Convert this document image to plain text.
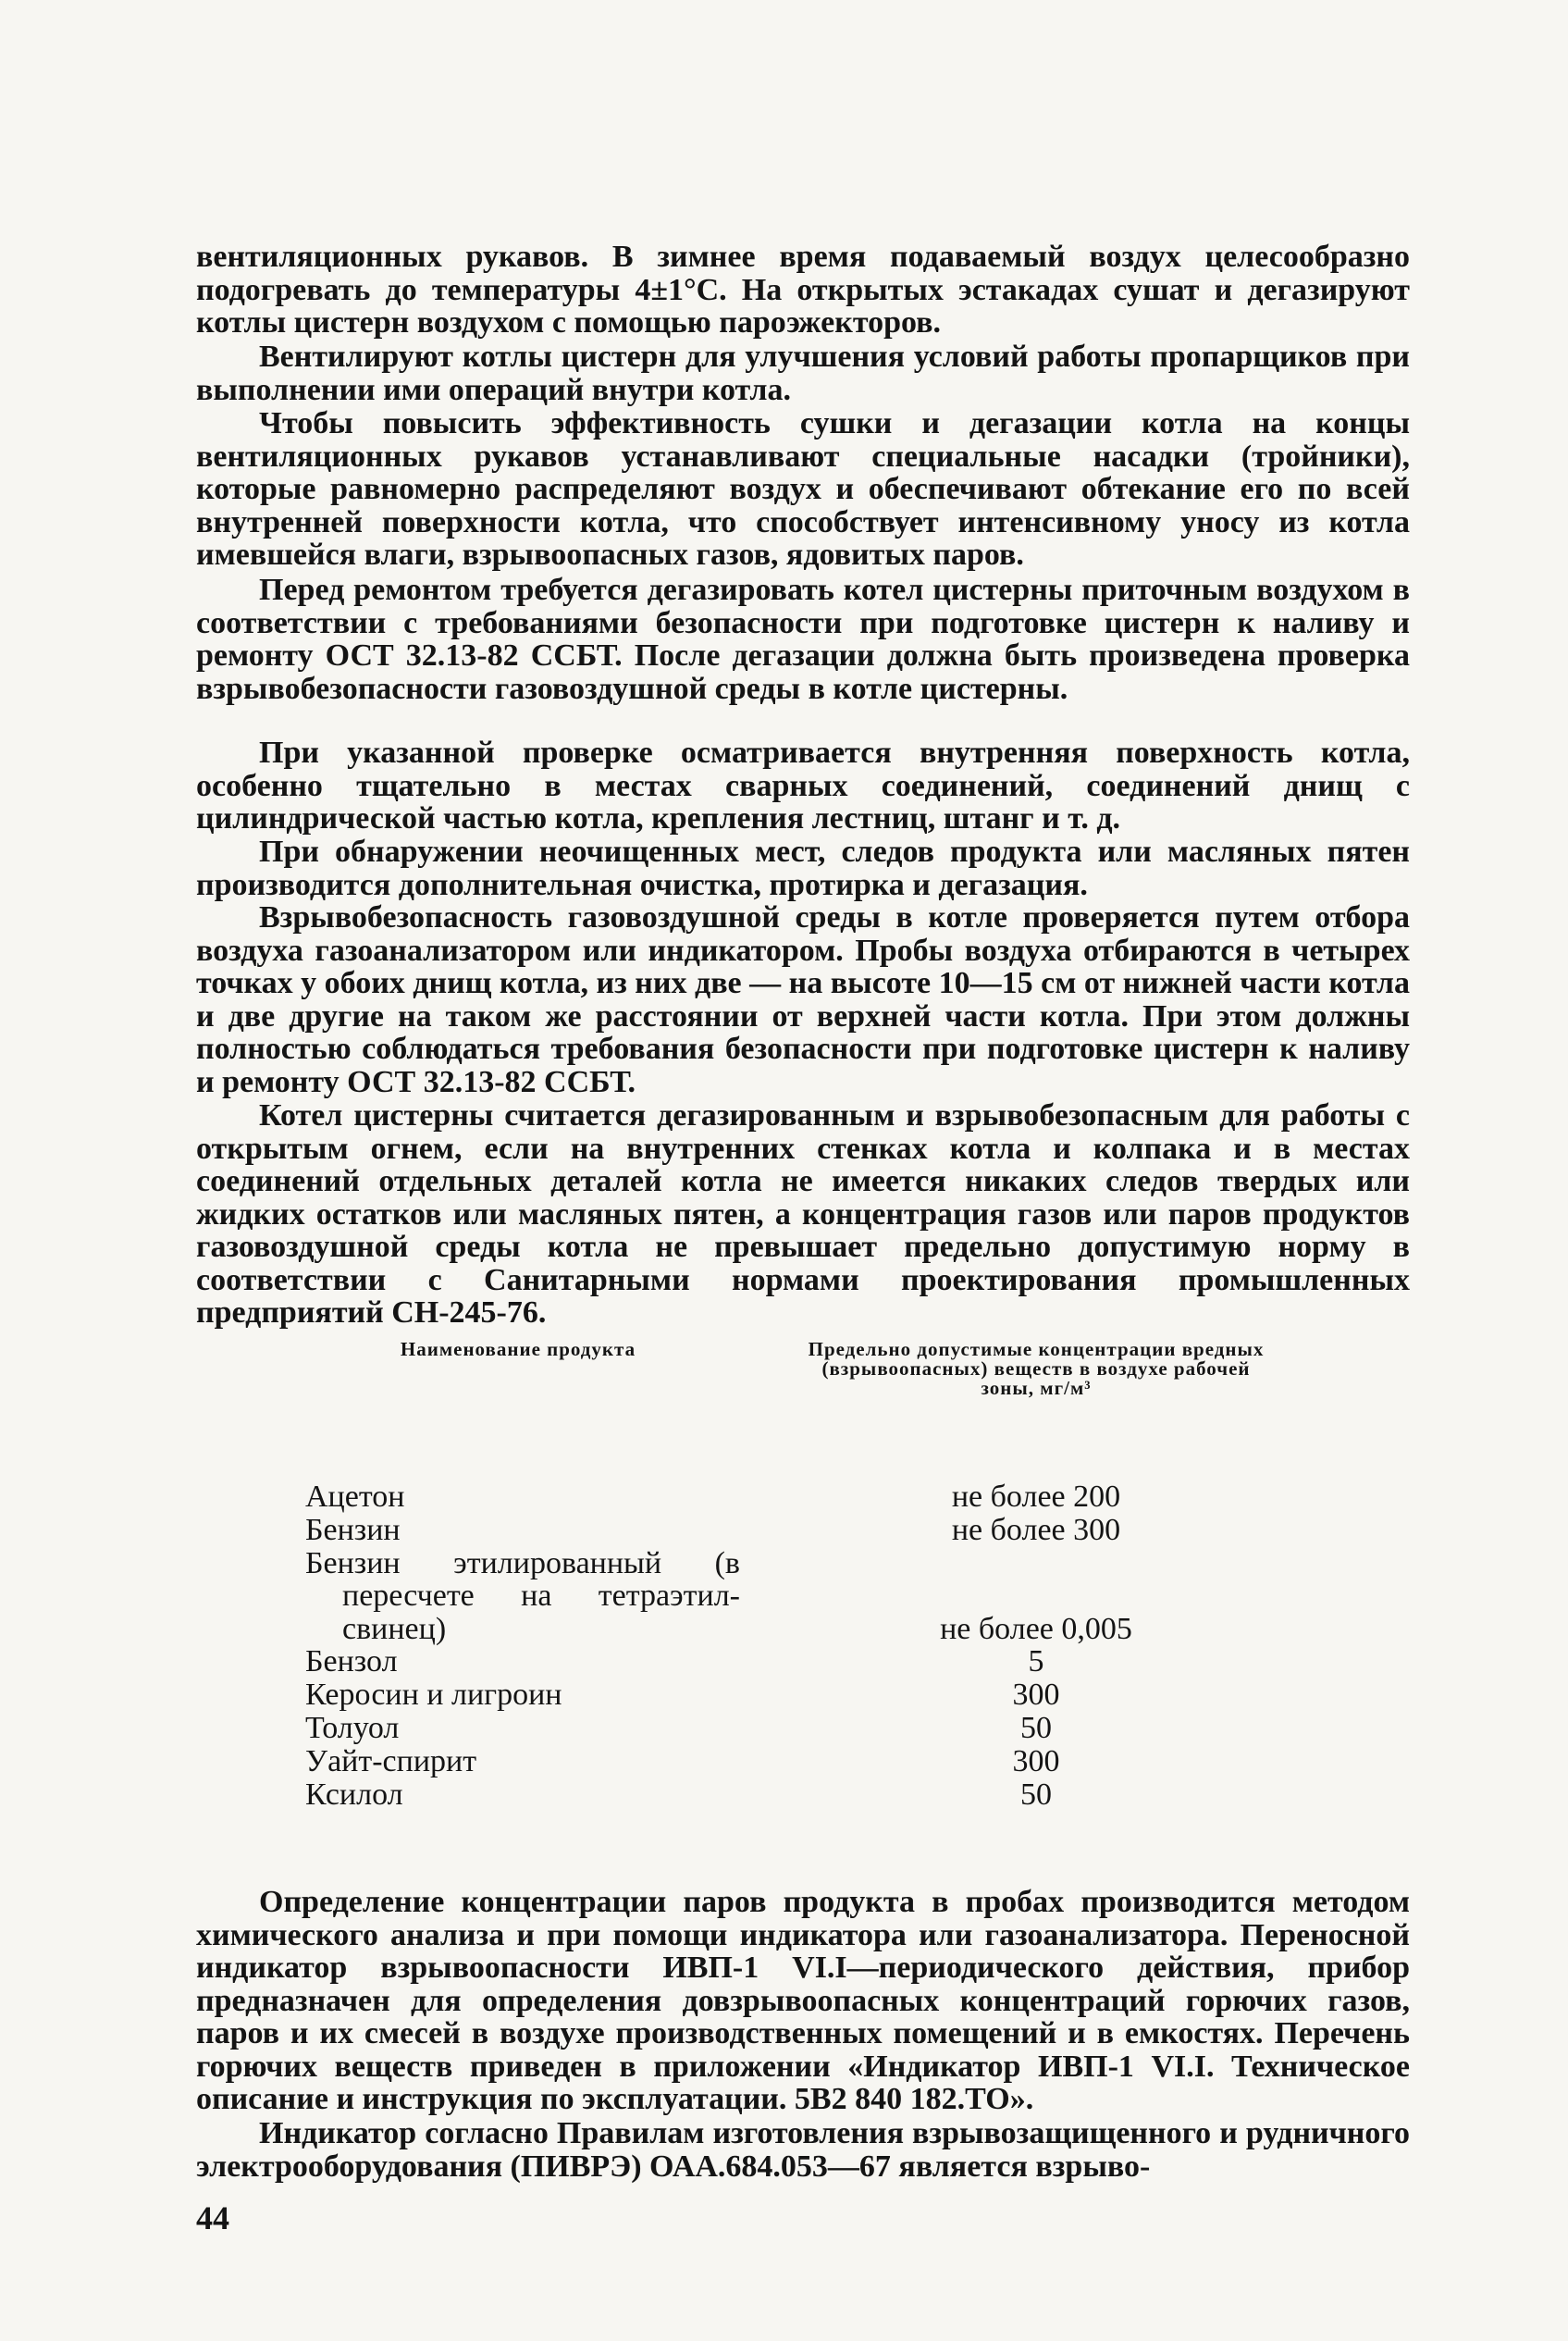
вентиляционных рукавов. В зимнее время подаваемый воздух целесообразно подогревать до температуры 4±1°С. На открытых эстакадах сушат и дегазируют котлы цистерн воздухом с помощью пароэжекторов.

Вентилируют котлы цистерн для улучшения условий работы пропарщиков при выполнении ими операций внутри котла.

Чтобы повысить эффективность сушки и дегазации котла на концы вентиляционных рукавов устанавливают специальные насадки (тройники), которые равномерно распределяют воздух и обеспечивают обтекание его по всей внутренней поверхности котла, что способствует интенсивному уносу из котла имевшейся влаги, взрывоопасных газов, ядовитых паров.

Перед ремонтом требуется дегазировать котел цистерны приточным воздухом в соответствии с требованиями безопасности при подготовке цистерн к наливу и ремонту ОСТ 32.13-82 ССБТ. После дегазации должна быть произведена проверка взрывобезопасности газовоздушной среды в котле цистерны.

При указанной проверке осматривается внутренняя поверхность котла, особенно тщательно в местах сварных соединений, соединений днищ с цилиндрической частью котла, крепления лестниц, штанг и т. д.

При обнаружении неочищенных мест, следов продукта или масляных пятен производится дополнительная очистка, протирка и дегазация.

Взрывобезопасность газовоздушной среды в котле проверяется путем отбора воздуха газоанализатором или индикатором. Пробы воздуха отбираются в четырех точках у обоих днищ котла, из них две — на высоте 10—15 см от нижней части котла и две другие на таком же расстоянии от верхней части котла. При этом должны полностью соблюдаться требования безопасности при подготовке цистерн к наливу и ремонту ОСТ 32.13-82 ССБТ.

Котел цистерны считается дегазированным и взрывобезопасным для работы с открытым огнем, если на внутренних стенках котла и колпака и в местах соединений отдельных деталей котла не имеется никаких следов твердых или жидких остатков или масляных пятен, а концентрация газов или паров продуктов газовоздушной среды котла не превышает предельно допустимую норму в соответствии с Санитарными нормами проектирования промышленных предприятий СН-245-76.

Наименование продукта	Предельно допустимые концентрации вредных (взрывоопасных) веществ в воздухе рабочей зоны, мг/м³

Ацетон	не более 200

Бензин	не более 300

Бензин этилированный (в

пересчете на тетраэтил-

свинец)	не более 0,005

Бензол	5

Керосин и лигроин	300

Толуол	50

Уайт-спирит	300

Ксилол	50

Определение концентрации паров продукта в пробах производится методом химического анализа и при помощи индикатора или газоанализатора. Переносной индикатор взрывоопасности ИВП-1 VI.I—периодического действия, прибор предназначен для определения довзрывоопасных концентраций горючих газов, паров и их смесей в воздухе производственных помещений и в емкостях. Перечень горючих веществ приведен в приложении «Индикатор ИВП-1 VI.I. Техническое описание и инструкция по эксплуатации. 5В2 840 182.ТО».

Индикатор согласно Правилам изготовления взрывозащищенного и рудничного электрооборудования (ПИВРЭ) ОАА.684.053—67 является взрыво-

44
